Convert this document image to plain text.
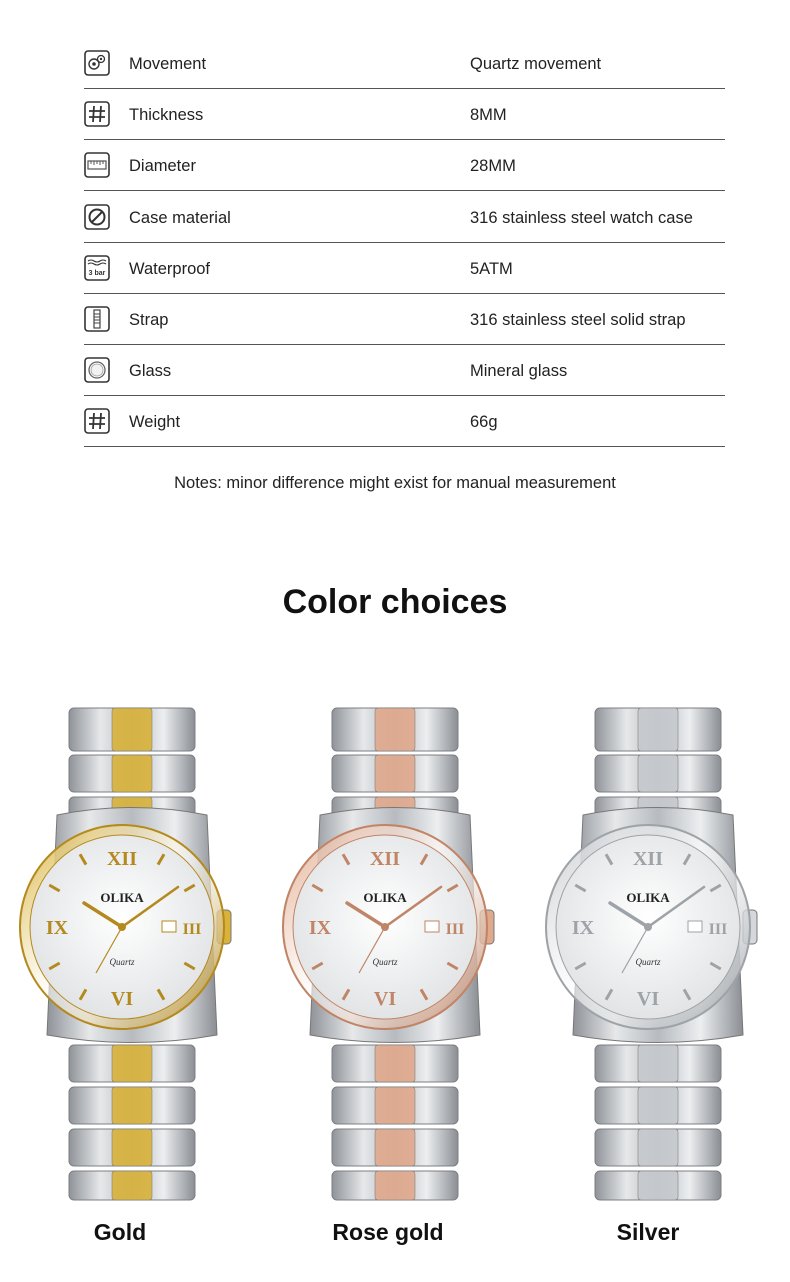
Movement	Quartz movement
Thickness	8MM
Diameter	28MM
Case material	316 stainless steel watch case
3 bar Waterproof	5ATM
Strap	316 stainless steel solid strap
Glass	Mineral glass
Weight	66g
Notes: minor difference might exist for manual measurement
Color choices
XII
VI
IX	III
OLIKA
Quartz
XII
VI
IX	III
OLIKA
Quartz
XII
VI
IX	III
OLIKA
Quartz
Gold	Rose gold	Silver
